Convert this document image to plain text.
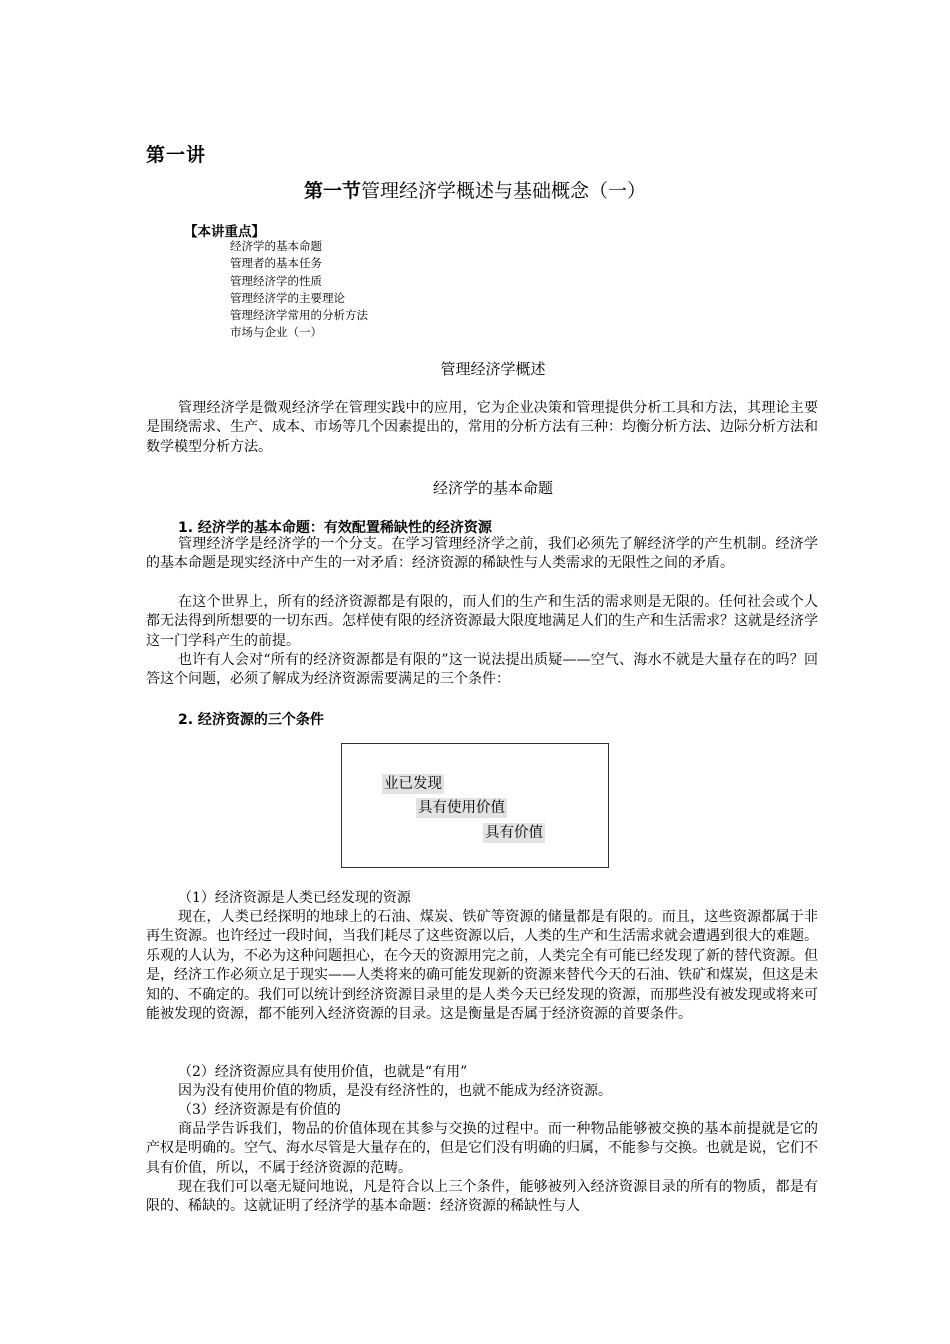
第一讲
第一节管理经济学概述与基础概念（一）
【本讲重点】
经济学的基本命题
管理者的基本任务
管理经济学的性质
管理经济学的主要理论
管理经济学常用的分析方法
市场与企业（一）
管理经济学概述

管理经济学是微观经济学在管理实践中的应用，它为企业决策和管理提供分析工具和方法，其理论主要是围绕需求、生产、成本、市场等几个因素提出的，常用的分析方法有三种：均衡分析方法、边际分析方法和数学模型分析方法。

经济学的基本命题
1. 经济学的基本命题：有效配置稀缺性的经济资源

管理经济学是经济学的一个分支。在学习管理经济学之前，我们必须先了解经济学的产生机制。经济学的基本命题是现实经济中产生的一对矛盾：经济资源的稀缺性与人类需求的无限性之间的矛盾。

在这个世界上，所有的经济资源都是有限的，而人们的生产和生活的需求则是无限的。任何社会或个人都无法得到所想要的一切东西。怎样使有限的经济资源最大限度地满足人们的生产和生活需求？这就是经济学这一门学科产生的前提。

也许有人会对“所有的经济资源都是有限的”这一说法提出质疑——空气、海水不就是大量存在的吗？回答这个问题，必须了解成为经济资源需要满足的三个条件：

2. 经济资源的三个条件
业已发现
具有使用价值
具有价值

（1）经济资源是人类已经发现的资源

现在，人类已经探明的地球上的石油、煤炭、铁矿等资源的储量都是有限的。而且，这些资源都属于非再生资源。也许经过一段时间，当我们耗尽了这些资源以后，人类的生产和生活需求就会遭遇到很大的难题。乐观的人认为，不必为这种问题担心，在今天的资源用完之前，人类完全有可能已经发现了新的替代资源。但是，经济工作必须立足于现实——人类将来的确可能发现新的资源来替代今天的石油、铁矿和煤炭，但这是未知的、不确定的。我们可以统计到经济资源目录里的是人类今天已经发现的资源，而那些没有被发现或将来可能被发现的资源，都不能列入经济资源的目录。这是衡量是否属于经济资源的首要条件。

（2）经济资源应具有使用价值，也就是“有用”

因为没有使用价值的物质，是没有经济性的，也就不能成为经济资源。

（3）经济资源是有价值的

商品学告诉我们，物品的价值体现在其参与交换的过程中。而一种物品能够被交换的基本前提就是它的产权是明确的。空气、海水尽管是大量存在的，但是它们没有明确的归属，不能参与交换。也就是说，它们不具有价值，所以，不属于经济资源的范畴。

现在我们可以毫无疑问地说，凡是符合以上三个条件，能够被列入经济资源目录的所有的物质，都是有限的、稀缺的。这就证明了经济学的基本命题：经济资源的稀缺性与人
